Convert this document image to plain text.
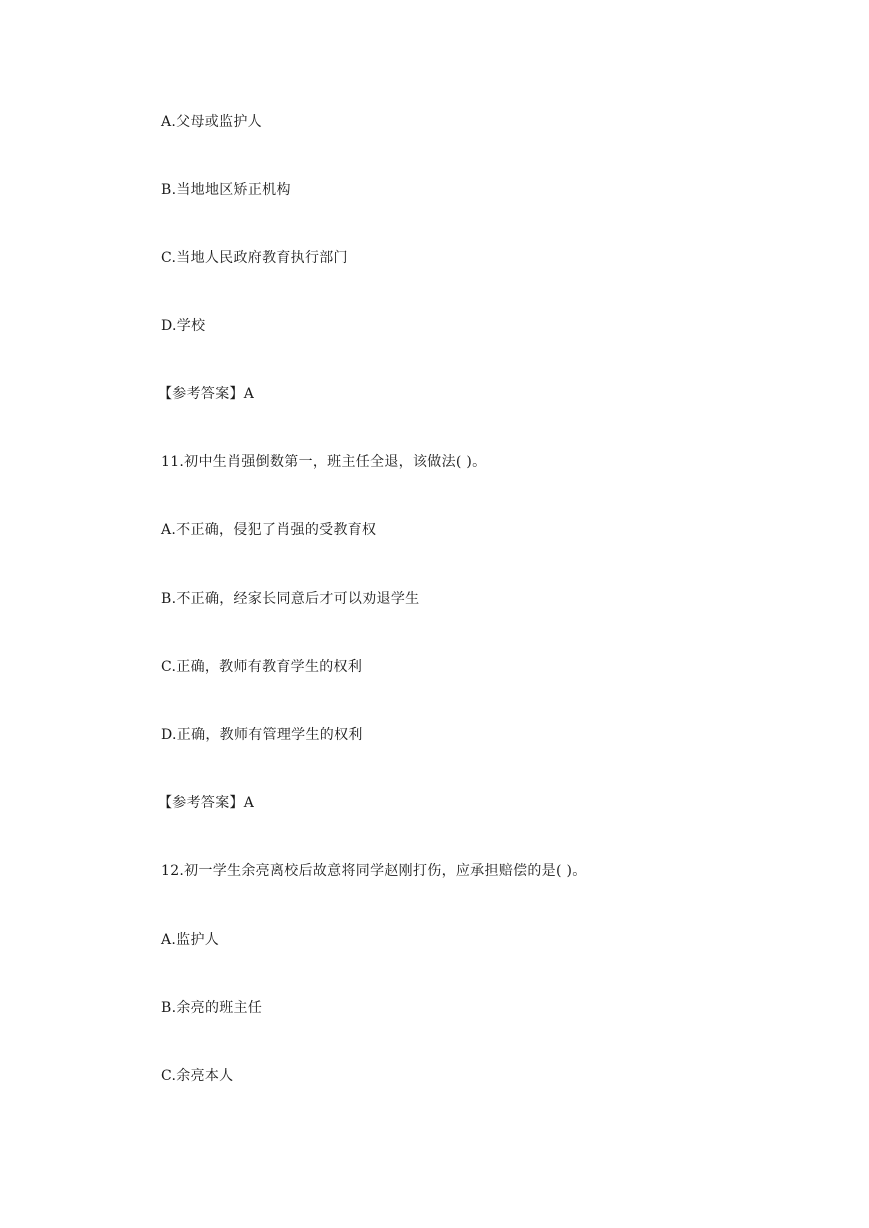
A.父母或监护人
B.当地地区矫正机构
C.当地人民政府教育执行部门
D.学校
【参考答案】A
11.初中生肖强倒数第一，班主任全退，该做法( )。
A.不正确，侵犯了肖强的受教育权
B.不正确，经家长同意后才可以劝退学生
C.正确，教师有教育学生的权利
D.正确，教师有管理学生的权利
【参考答案】A
12.初一学生余亮离校后故意将同学赵刚打伤，应承担赔偿的是( )。
A.监护人
B.余亮的班主任
C.余亮本人
